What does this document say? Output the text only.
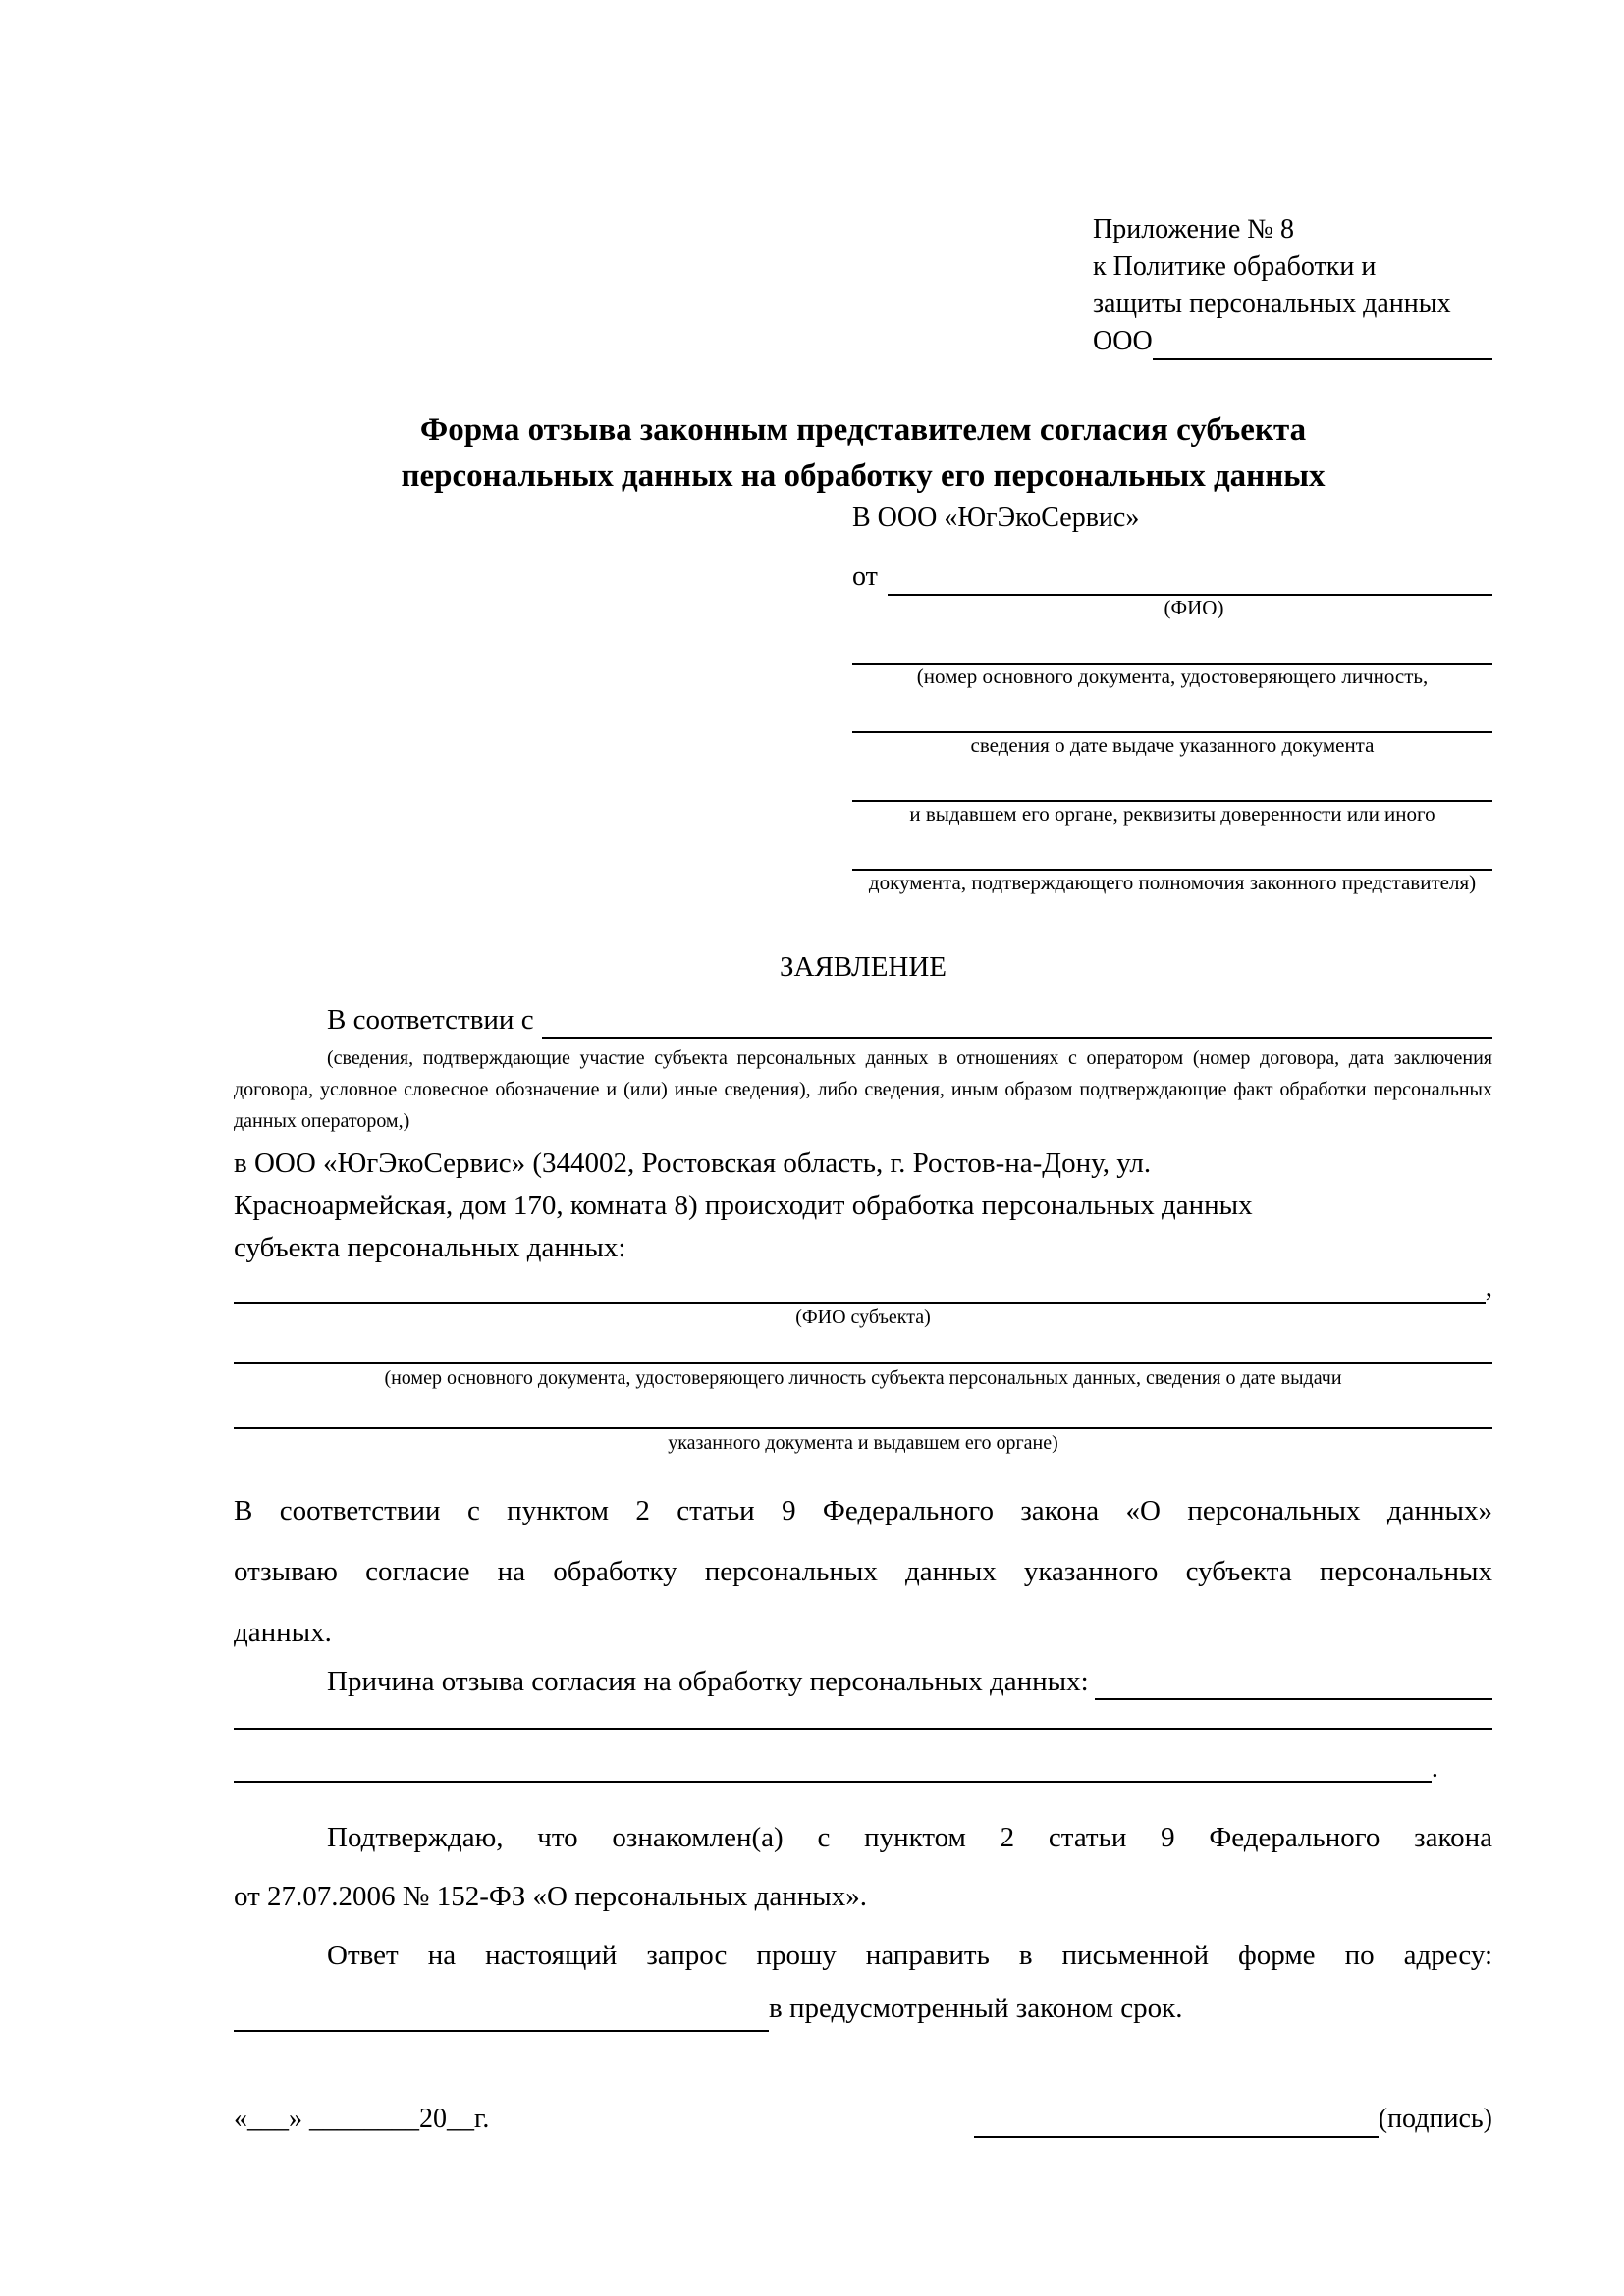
Приложение № 8
к Политике обработки и
защиты персональных данных
ООО
Форма отзыва законным представителем согласия субъекта
персональных данных на обработку его персональных данных
В ООО «ЮгЭкоСервис»
от
(ФИО)
(номер основного документа, удостоверяющего личность,
сведения о дате выдаче указанного документа
и выдавшем его органе, реквизиты доверенности или иного
документа, подтверждающего полномочия законного представителя)
ЗАЯВЛЕНИЕ
В соответствии с
(сведения, подтверждающие участие субъекта персональных данных в отношениях с оператором (номер договора, дата заключения договора, условное словесное обозначение и (или) иные сведения), либо сведения, иным образом подтверждающие факт обработки персональных данных оператором,)
в ООО «ЮгЭкоСервис» (344002, Ростовская область, г. Ростов-на-Дону, ул.
Красноармейская, дом 170, комната 8) происходит обработка персональных данных
субъекта персональных данных:
,
(ФИО субъекта)
(номер основного документа, удостоверяющего личность субъекта персональных данных, сведения о дате выдачи
указанного документа и выдавшем его органе)
В соответствии с пунктом 2 статьи 9 Федерального закона «О персональных данных»
отзываю согласие на обработку персональных данных указанного субъекта персональных
данных.
Причина отзыва согласия на обработку персональных данных:
.
Подтверждаю, что ознакомлен(а) с пунктом 2 статьи 9 Федерального закона
от 27.07.2006 № 152-ФЗ «О персональных данных».
Ответ на настоящий запрос прошу направить в письменной форме по адресу:
в предусмотренный законом срок.
«___» ________20__г.	(подпись)
